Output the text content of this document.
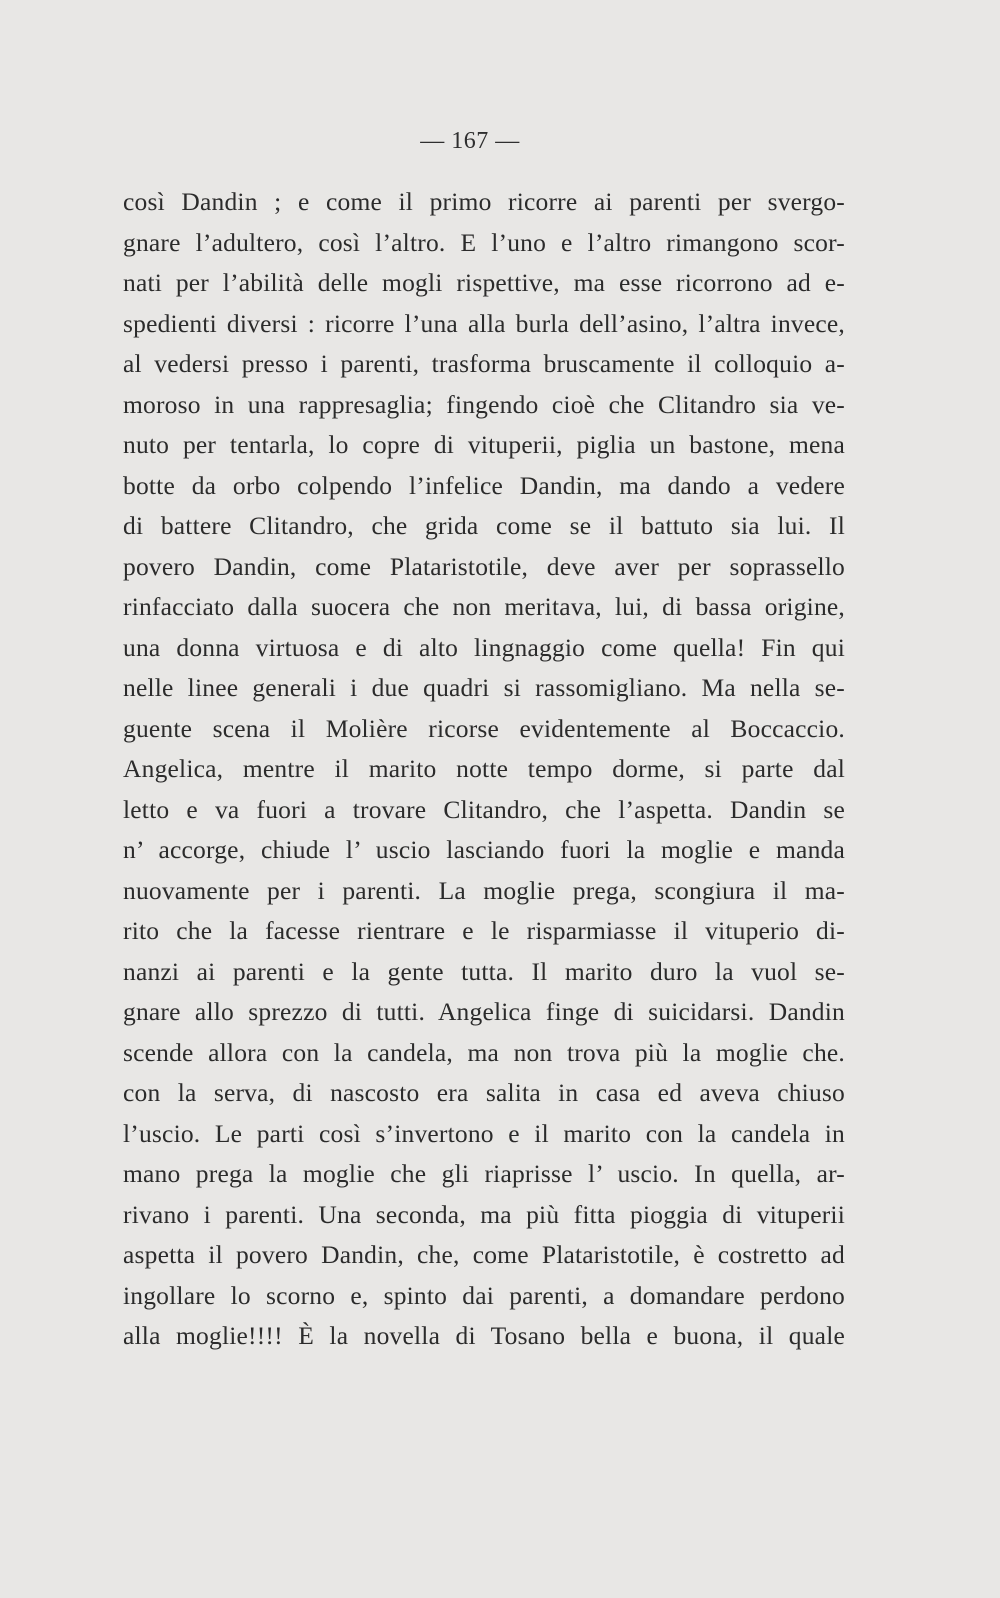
— 167 —
così Dandin ; e come il primo ricorre ai parenti per svergo-
gnare l’adultero, così l’altro. E l’uno e l’altro rimangono scor-
nati per l’abilità delle mogli rispettive, ma esse ricorrono ad e-
spedienti diversi : ricorre l’una alla burla dell’asino, l’altra invece,
al vedersi presso i parenti, trasforma bruscamente il colloquio a-
moroso in una rappresaglia; fingendo cioè che Clitandro sia ve-
nuto per tentarla, lo copre di vituperii, piglia un bastone, mena
botte da orbo colpendo l’infelice Dandin, ma dando a vedere
di battere Clitandro, che grida come se il battuto sia lui. Il
povero Dandin, come Plataristotile, deve aver per soprassello
rinfacciato dalla suocera che non meritava, lui, di bassa origine,
una donna virtuosa e di alto lingnaggio come quella! Fin qui
nelle linee generali i due quadri si rassomigliano. Ma nella se-
guente scena il Molière ricorse evidentemente al Boccaccio.
Angelica, mentre il marito notte tempo dorme, si parte dal
letto e va fuori a trovare Clitandro, che l’aspetta. Dandin se
n’ accorge, chiude l’ uscio lasciando fuori la moglie e manda
nuovamente per i parenti. La moglie prega, scongiura il ma-
rito che la facesse rientrare e le risparmiasse il vituperio di-
nanzi ai parenti e la gente tutta. Il marito duro la vuol se-
gnare allo sprezzo di tutti. Angelica finge di suicidarsi. Dandin
scende allora con la candela, ma non trova più la moglie che.
con la serva, di nascosto era salita in casa ed aveva chiuso
l’uscio. Le parti così s’invertono e il marito con la candela in
mano prega la moglie che gli riaprisse l’ uscio. In quella, ar-
rivano i parenti. Una seconda, ma più fitta pioggia di vituperii
aspetta il povero Dandin, che, come Plataristotile, è costretto ad
ingollare lo scorno e, spinto dai parenti, a domandare perdono
alla moglie!!!! È la novella di Tosano bella e buona, il quale
